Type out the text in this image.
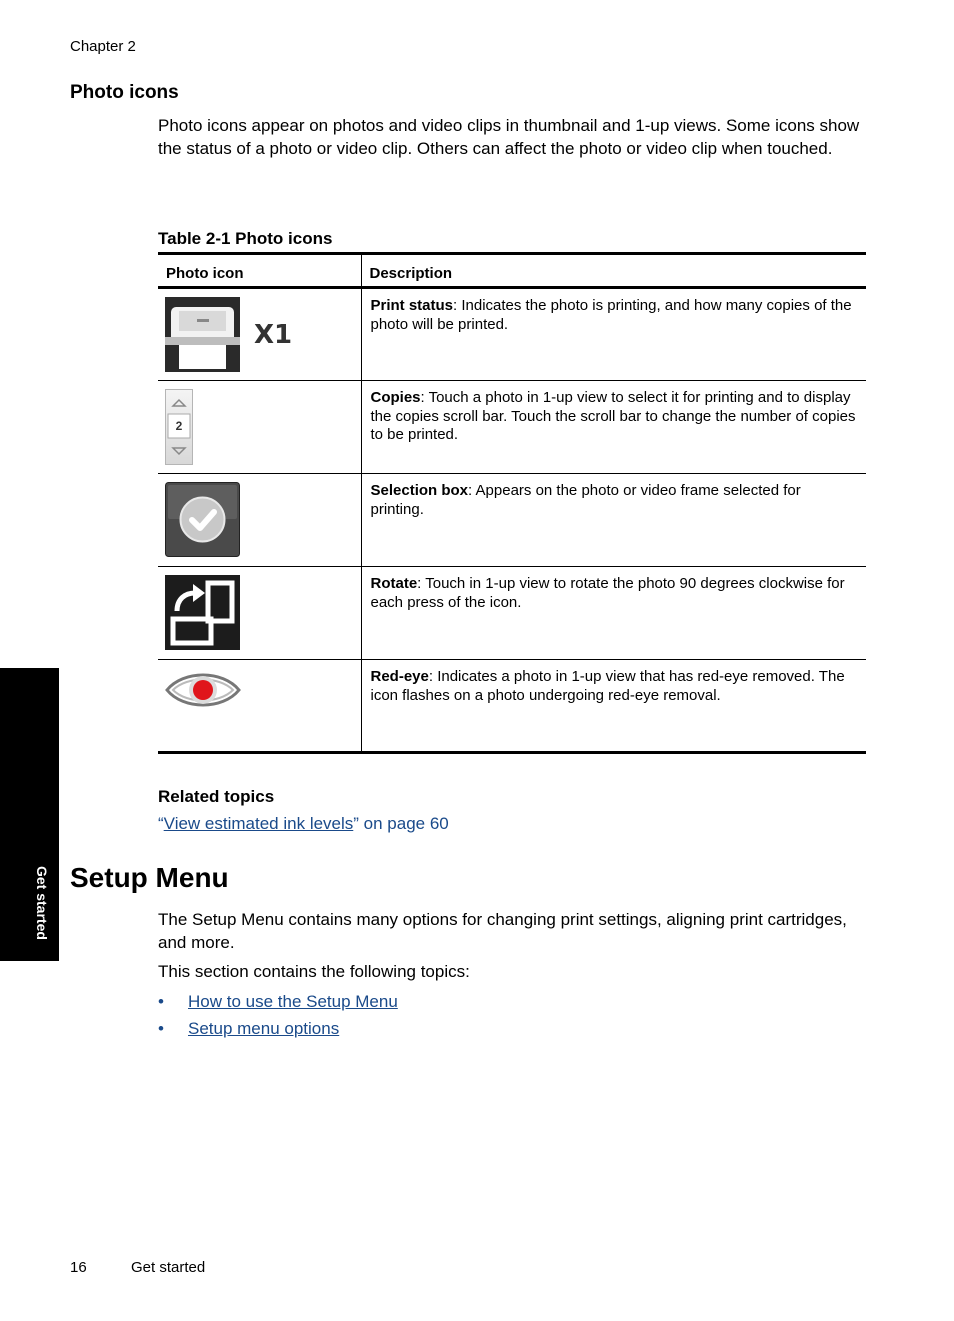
Chapter 2
Photo icons
Photo icons appear on photos and video clips in thumbnail and 1-up views. Some icons show the status of a photo or video clip. Others can affect the photo or video clip when touched.
Table 2-1 Photo icons
Photo icon	Description

X1	Print status: Indicates the photo is printing, and how many copies of the photo will be printed.

2	Copies: Touch a photo in 1-up view to select it for printing and to display the copies scroll bar. Touch the scroll bar to change the number of copies to be printed.
	Selection box: Appears on the photo or video frame selected for printing.
	Rotate: Touch in 1-up view to rotate the photo 90 degrees clockwise for each press of the icon.
	Red-eye: Indicates a photo in 1-up view that has red-eye removed. The icon flashes on a photo undergoing red-eye removal.
Related topics
“View estimated ink levels” on page 60
Setup Menu
The Setup Menu contains many options for changing print settings, aligning print cartridges, and more.
This section contains the following topics:
• How to use the Setup Menu
• Setup menu options
Get started
16	Get started
